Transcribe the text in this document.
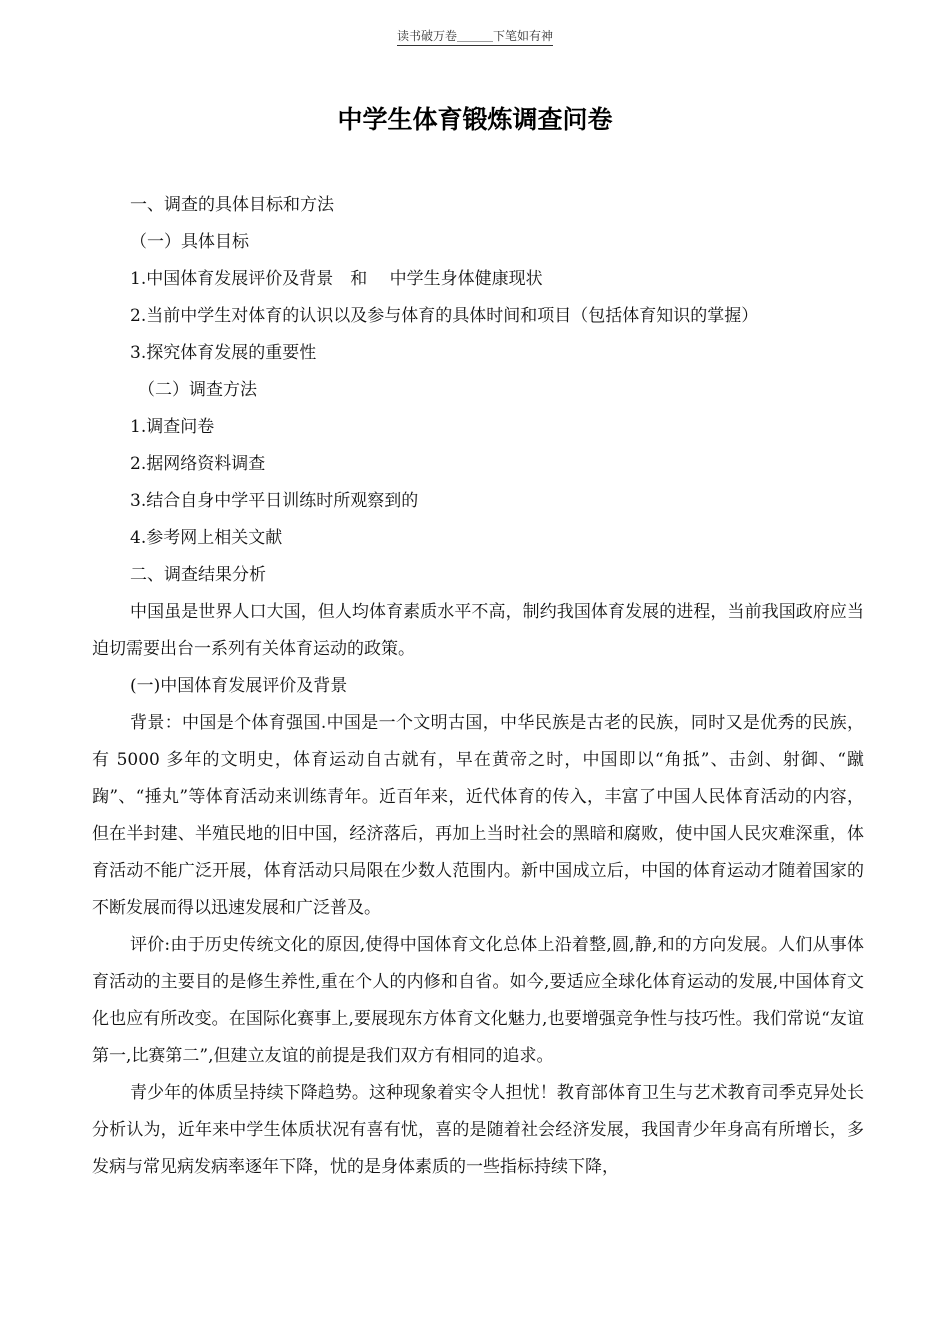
读书破万卷＿＿＿下笔如有神
中学生体育锻炼调查问卷

一、调查的具体目标和方法

（一）具体目标

1.中国体育发展评价及背景　和　 中学生身体健康现状

2.当前中学生对体育的认识以及参与体育的具体时间和项目（包括体育知识的掌握）

3.探究体育发展的重要性

（二）调查方法

1.调查问卷

2.据网络资料调查

3.结合自身中学平日训练时所观察到的

4.参考网上相关文献

二、调查结果分析

中国虽是世界人口大国，但人均体育素质水平不高，制约我国体育发展的进程，当前我国政府应当迫切需要出台一系列有关体育运动的政策。

(一)中国体育发展评价及背景

背景：中国是个体育强国.中国是一个文明古国，中华民族是古老的民族，同时又是优秀的民族，有 5000 多年的文明史，体育运动自古就有，早在黄帝之时，中国即以“角抵”、击剑、射御、“蹴踘”、“捶丸”等体育活动来训练青年。近百年来，近代体育的传入，丰富了中国人民体育活动的内容，但在半封建、半殖民地的旧中国，经济落后，再加上当时社会的黑暗和腐败，使中国人民灾难深重，体育活动不能广泛开展，体育活动只局限在少数人范围内。新中国成立后，中国的体育运动才随着国家的不断发展而得以迅速发展和广泛普及。

评价:由于历史传统文化的原因,使得中国体育文化总体上沿着整,圆,静,和的方向发展。人们从事体育活动的主要目的是修生养性,重在个人的内修和自省。如今,要适应全球化体育运动的发展,中国体育文化也应有所改变。在国际化赛事上,要展现东方体育文化魅力,也要增强竞争性与技巧性。我们常说“友谊第一,比赛第二”,但建立友谊的前提是我们双方有相同的追求。

青少年的体质呈持续下降趋势。这种现象着实令人担忧！教育部体育卫生与艺术教育司季克异处长分析认为，近年来中学生体质状况有喜有忧，喜的是随着社会经济发展，我国青少年身高有所增长，多发病与常见病发病率逐年下降，忧的是身体素质的一些指标持续下降，
